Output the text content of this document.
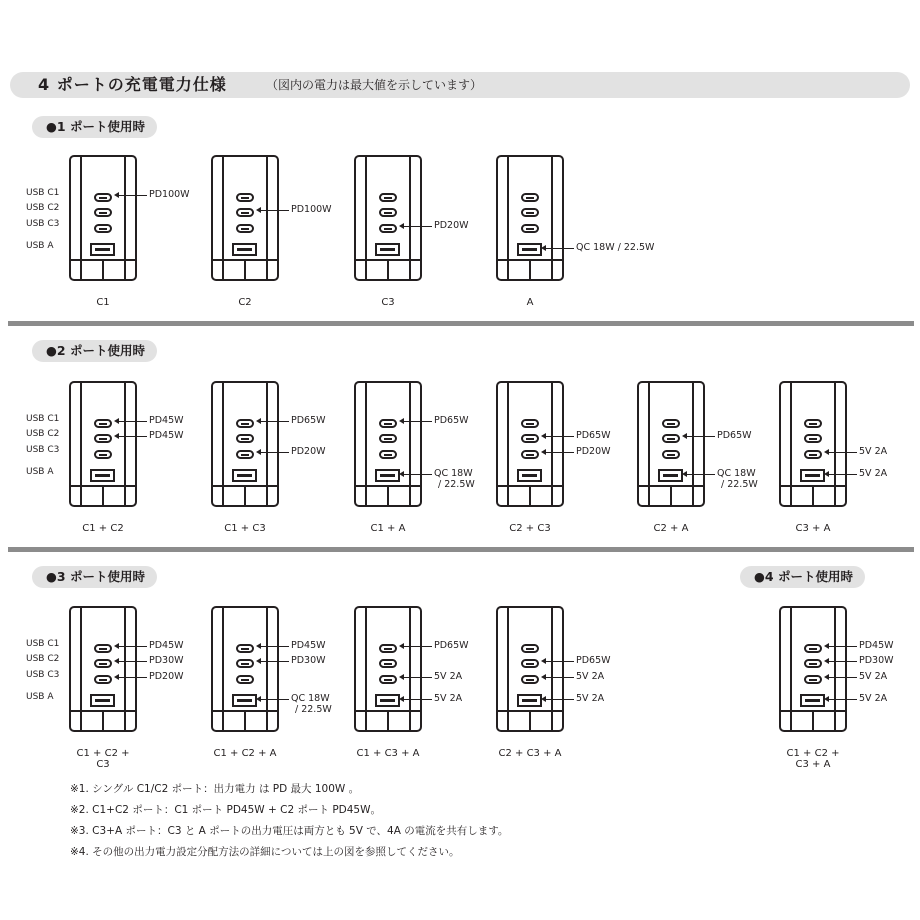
4 ポートの充電電力仕様	（図内の電力は最大値を示しています）
●1 ポート使用時
●2 ポート使用時
●3 ポート使用時	●4 ポート使用時
USB C1
USB C2
USB C3
USB A
USB C1
USB C2
USB C3
USB A
USB C1
USB C2
USB C3
USB A
PD100W
C1
PD100W
C2
PD20W
C3
QC 18W / 22.5W
A
PD45W
PD45W
C1 + C2
PD65W
PD20W
C1 + C3
PD65W
QC 18W
/ 22.5W
C1 + A
PD65W
PD20W
C2 + C3
PD65W
QC 18W
/ 22.5W
C2 + A
5V 2A
5V 2A
C3 + A
PD45W
PD30W
PD20W
C1 + C2 + C3
PD45W
PD30W
QC 18W
/ 22.5W
C1 + C2 + A
PD65W
5V 2A
5V 2A
C1 + C3 + A
PD65W
5V 2A
5V 2A
C2 + C3 + A
PD45W
PD30W
5V 2A
5V 2A
C1 + C2 + C3 + A
※1. シングル C1/C2 ポート：出力電力 は PD 最大 100W 。
※2. C1+C2 ポート：C1 ポート PD45W + C2 ポート PD45W。
※3. C3+A ポート：C3 と A ポートの出力電圧は両方とも 5V で、4A の電流を共有します。
※4. その他の出力電力設定分配方法の詳細については上の図を参照してください。
